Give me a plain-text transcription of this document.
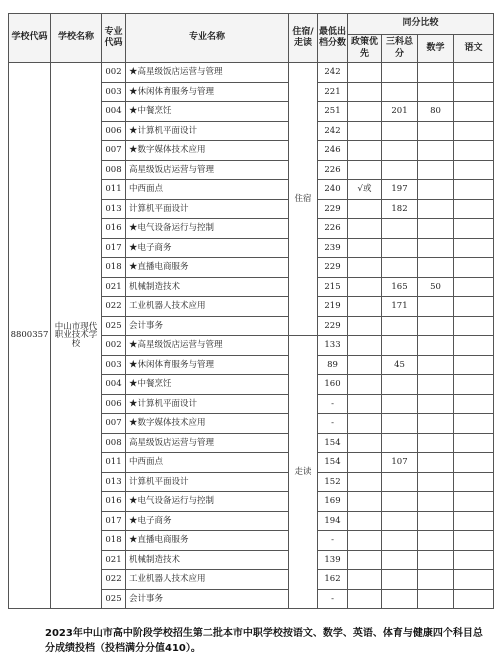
学校代码	学校名称	专业代码	专业名称	住宿/走读	最低出档分数	同分比较			
						政策优先	三科总分	数学	语文
8800357	中山市现代职业技术学校	002	★高星级饭店运营与管理	住宿	242				
		003	★休闲体育服务与管理		221				
		004	★中餐烹饪		251		201	80	
		006	★计算机平面设计		242				
		007	★数字媒体技术应用		246				
		008	高星级饭店运营与管理		226				
		011	中西面点		240	√或	197		
		013	计算机平面设计		229		182		
		016	★电气设备运行与控制		226				
		017	★电子商务		239				
		018	★直播电商服务		229				
		021	机械制造技术		215		165	50	
		022	工业机器人技术应用		219		171		
		025	会计事务		229				
		002	★高星级饭店运营与管理	走读	133				
		003	★休闲体育服务与管理		89		45		
		004	★中餐烹饪		160				
		006	★计算机平面设计		-				
		007	★数字媒体技术应用		-				
		008	高星级饭店运营与管理		154				
		011	中西面点		154		107		
		013	计算机平面设计		152				
		016	★电气设备运行与控制		169				
		017	★电子商务		194				
		018	★直播电商服务		-				
		021	机械制造技术		139				
		022	工业机器人技术应用		162				
		025	会计事务		-				
2023年中山市高中阶段学校招生第二批本市中职学校按语文、数学、英语、体育与健康四个科目总分成绩投档（投档满分分值410）。
